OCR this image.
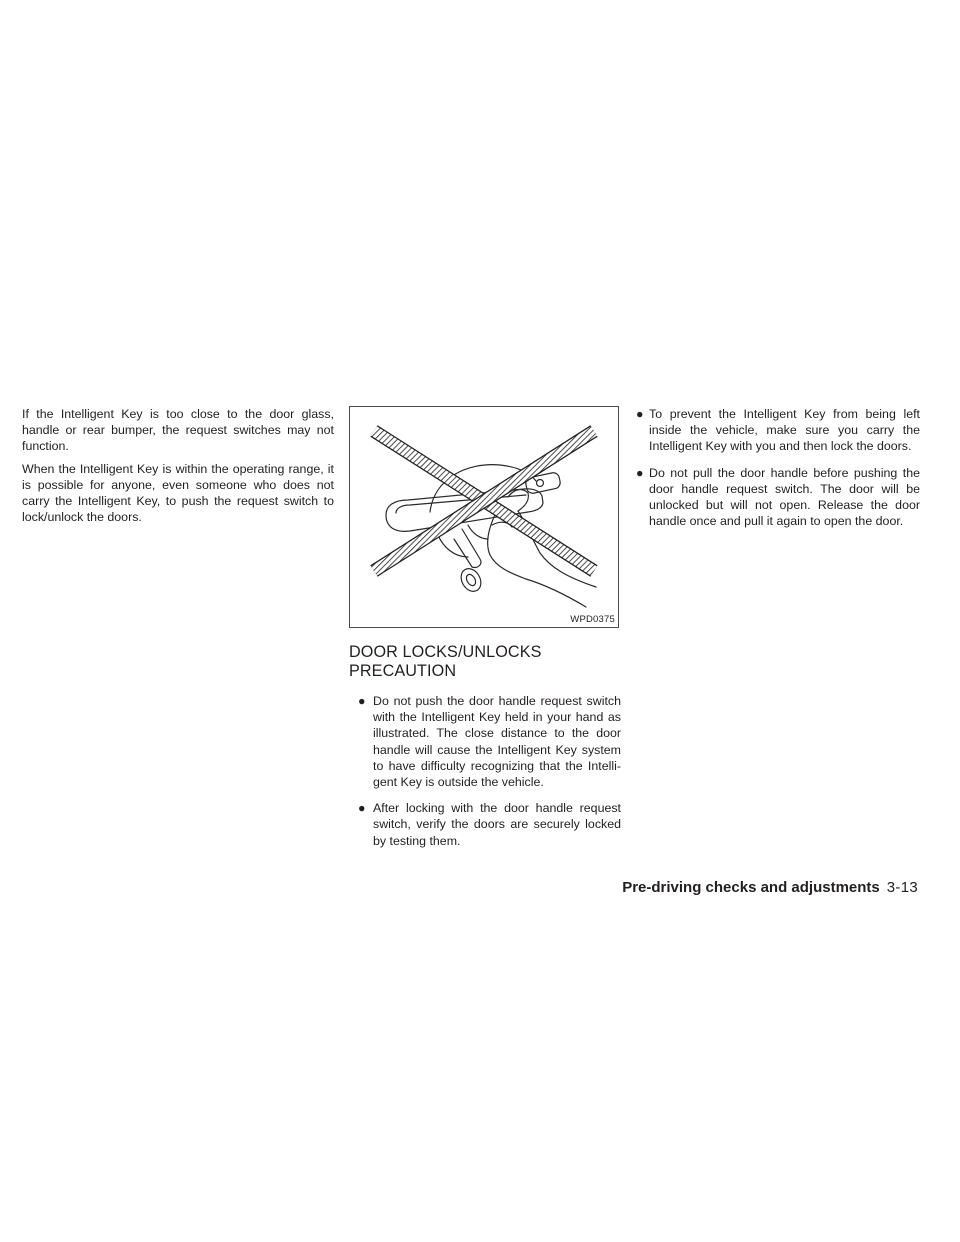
If the Intelligent Key is too close to the door glass, handle or rear bumper, the request switches may not function.

When the Intelligent Key is within the operating range, it is possible for anyone, even someone who does not carry the Intelligent Key, to push the request switch to lock/unlock the doors.

WPD0375
DOOR LOCKS/UNLOCKS
PRECAUTION
● Do not push the door handle request switch with the Intelligent Key held in your hand as illustrated. The close distance to the door handle will cause the Intelligent Key system to have difficulty recognizing that the Intelli-gent Key is outside the vehicle.
● After locking with the door handle request switch, verify the doors are securely locked by testing them.
● To prevent the Intelligent Key from being left inside the vehicle, make sure you carry the Intelligent Key with you and then lock the doors.
● Do not pull the door handle before pushing the door handle request switch. The door will be unlocked but will not open. Release the door handle once and pull it again to open the door.
Pre-driving checks and adjustments 3-13
